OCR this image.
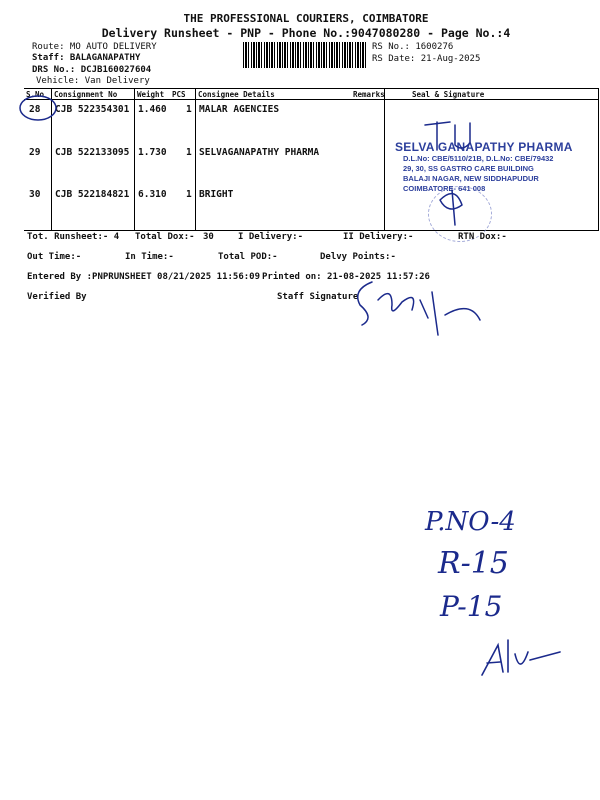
THE PROFESSIONAL COURIERS, COIMBATORE
Delivery Runsheet - PNP - Phone No.:9047080280 - Page No.:4
Route: MO AUTO DELIVERY
Staff: BALAGANAPATHY
DRS No.: DCJB160027604
Vehicle: Van Delivery
RS No.: 1600276
RS Date: 21-Aug-2025
S.No Consignment No	Weight PCS Consignee Details	Remarks	Seal & Signature
28 CJB 522354301 1.460 1 MALAR AGENCIES
29 CJB 522133095 1.730 1 SELVAGANAPATHY PHARMA
30 CJB 522184821 6.310 1 BRIGHT
SELVA GANAPATHY PHARMA
D.L.No: CBE/5110/21B, D.L.No: CBE/79432
29, 30, SS GASTRO CARE BUILDING
BALAJI NAGAR, NEW SIDDHAPUDUR
COIMBATORE- 641 008
Tot. Runsheet:- 4 Total Dox:- 30	I Delivery:-	II Delivery:-	RTN Dox:-
Out Time:-	In Time:-	Total POD:-	Delvy Points:-
Entered By :PNPRUNSHEET 08/21/2025 11:56:09 Printed on: 21-08-2025 11:57:26
Verified By	Staff Signature
P.NO-4
R-15
P-15
